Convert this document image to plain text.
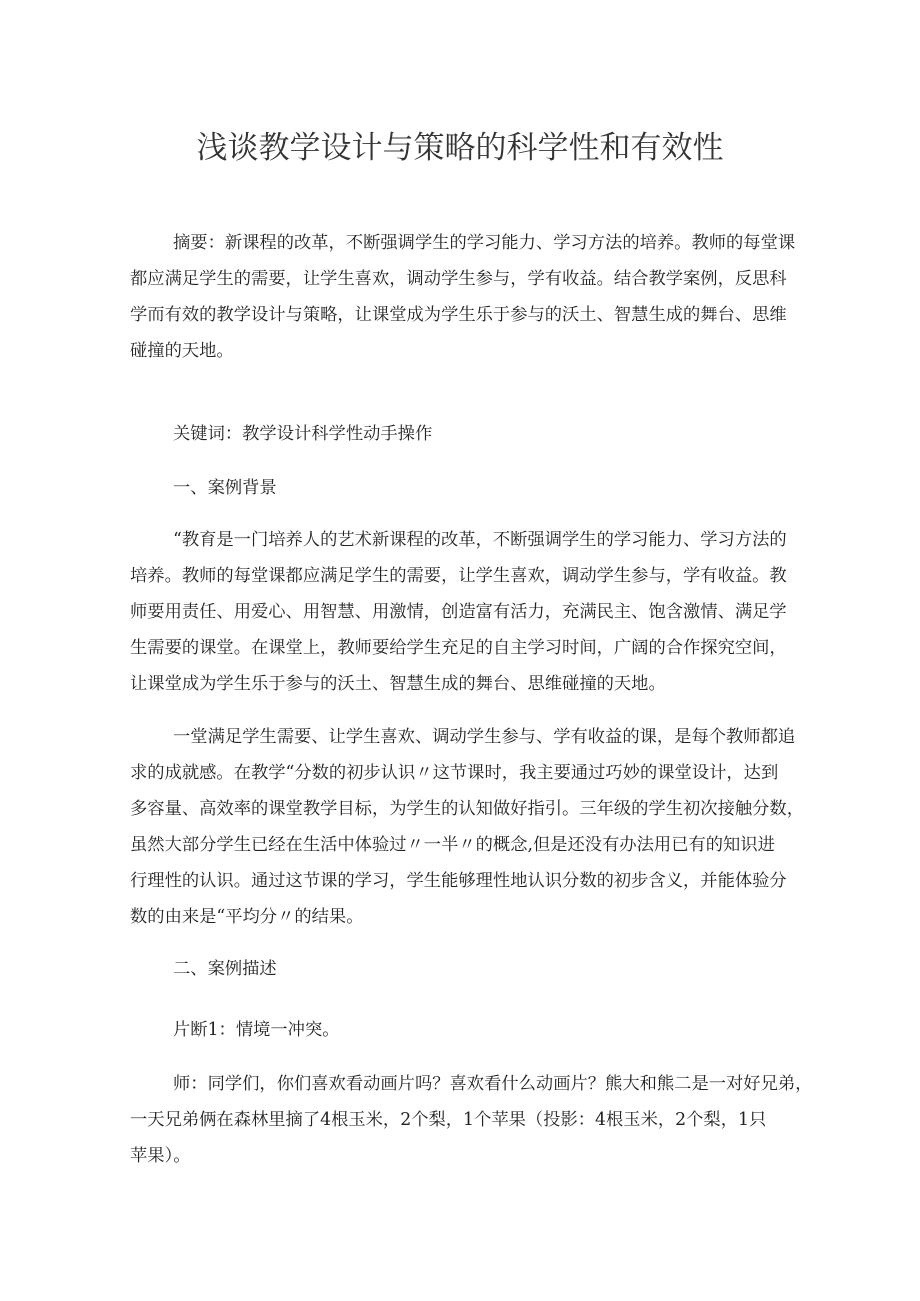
浅谈教学设计与策略的科学性和有效性
摘要：新课程的改革，不断强调学生的学习能力、学习方法的培养。教师的每堂课
都应满足学生的需要，让学生喜欢，调动学生参与，学有收益。结合教学案例，反思科
学而有效的教学设计与策略，让课堂成为学生乐于参与的沃土、智慧生成的舞台、思维
碰撞的天地。
关键词：教学设计科学性动手操作
一、案例背景
“教育是一门培养人的艺术新课程的改革，不断强调学生的学习能力、学习方法的
培养。教师的每堂课都应满足学生的需要，让学生喜欢，调动学生参与，学有收益。教
师要用责任、用爱心、用智慧、用激情，创造富有活力，充满民主、饱含激情、满足学
生需要的课堂。在课堂上，教师要给学生充足的自主学习时间，广阔的合作探究空间，
让课堂成为学生乐于参与的沃土、智慧生成的舞台、思维碰撞的天地。
一堂满足学生需要、让学生喜欢、调动学生参与、学有收益的课，是每个教师都追
求的成就感。在教学“分数的初步认识〃这节课时，我主要通过巧妙的课堂设计，达到
多容量、高效率的课堂教学目标，为学生的认知做好指引。三年级的学生初次接触分数，
虽然大部分学生已经在生活中体验过〃一半〃的概念,但是还没有办法用已有的知识进
行理性的认识。通过这节课的学习，学生能够理性地认识分数的初步含义，并能体验分
数的由来是“平均分〃的结果。
二、案例描述
片断1：情境一冲突。
师：同学们，你们喜欢看动画片吗？喜欢看什么动画片？熊大和熊二是一对好兄弟，
一天兄弟俩在森林里摘了4根玉米，2个梨，1个苹果（投影：4根玉米，2个梨，1只
苹果）。
